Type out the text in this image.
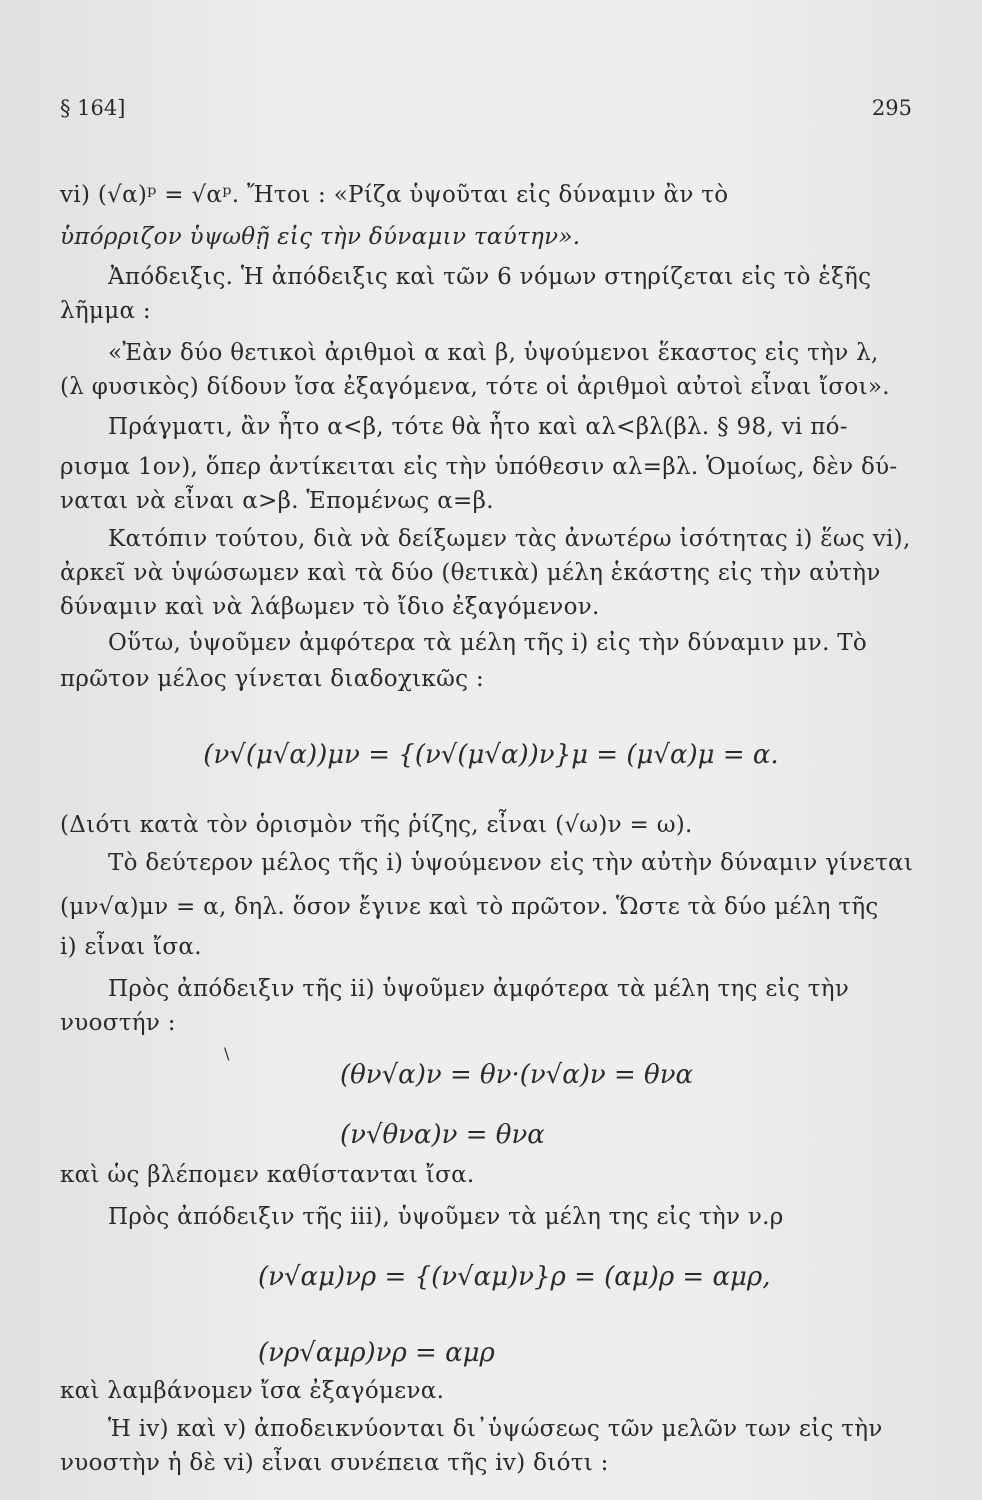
§ 164]	295
vi) (√α)ᵖ = √αᵖ. Ἤτοι : «Ρίζα ὑψοῦται εἰς δύναμιν ἂν τὸ
ὑπόρριζον ὑψωθῇ εἰς τὴν δύναμιν ταύτην».
Ἀπόδειξις. Ἡ ἀπόδειξις καὶ τῶν 6 νόμων στηρίζεται εἰς τὸ ἑξῆς
λῆμμα :
«Ἐὰν δύο θετικοὶ ἀριθμοὶ α καὶ β, ὑψούμενοι ἕκαστος εἰς τὴν λ,
(λ φυσικὸς) δίδουν ἴσα ἐξαγόμενα, τότε οἱ ἀριθμοὶ αὐτοὶ εἶναι ἴσοι».
Πράγματι, ἂν ἦτο α<β, τότε θὰ ἦτο καὶ αλ<βλ(βλ. § 98, vi πό-
ρισμα 1ον), ὅπερ ἀντίκειται εἰς τὴν ὑπόθεσιν αλ=βλ. Ὁμοίως, δὲν δύ-
ναται νὰ εἶναι α>β. Ἑπομένως α=β.
Κατόπιν τούτου, διὰ νὰ δείξωμεν τὰς ἀνωτέρω ἰσότητας i) ἕως vi),
ἀρκεῖ νὰ ὑψώσωμεν καὶ τὰ δύο (θετικὰ) μέλη ἑκάστης εἰς τὴν αὐτὴν
δύναμιν καὶ νὰ λάβωμεν τὸ ἴδιο ἐξαγόμενον.
Οὕτω, ὑψοῦμεν ἀμφότερα τὰ μέλη τῆς i) εἰς τὴν δύναμιν μν. Τὸ
πρῶτον μέλος γίνεται διαδοχικῶς :
(ν√(μ√α))μν = {(ν√(μ√α))ν}μ = (μ√α)μ = α.
(Διότι κατὰ τὸν ὁρισμὸν τῆς ῥίζης, εἶναι (√ω)ν = ω).
Τὸ δεύτερον μέλος τῆς i) ὑψούμενον εἰς τὴν αὐτὴν δύναμιν γίνεται
(μν√α)μν = α, δηλ. ὅσον ἔγινε καὶ τὸ πρῶτον. Ὥστε τὰ δύο μέλη τῆς
i) εἶναι ἴσα.
Πρὸς ἀπόδειξιν τῆς ii) ὑψοῦμεν ἀμφότερα τὰ μέλη της εἰς τὴν
νυοστήν :
\
(θν√α)ν = θν·(ν√α)ν = θνα
(ν√θνα)ν = θνα
καὶ ὡς βλέπομεν καθίστανται ἴσα.
Πρὸς ἀπόδειξιν τῆς iii), ὑψοῦμεν τὰ μέλη της εἰς τὴν ν.ρ
(ν√αμ)νρ = {(ν√αμ)ν}ρ = (αμ)ρ = αμρ,
(νρ√αμρ)νρ = αμρ
καὶ λαμβάνομεν ἴσα ἐξαγόμενα.
Ἡ iv) καὶ v) ἀποδεικνύονται δι᾽ὑψώσεως τῶν μελῶν των εἰς τὴν
νυοστὴν ἡ δὲ vi) εἶναι συνέπεια τῆς iv) διότι :
